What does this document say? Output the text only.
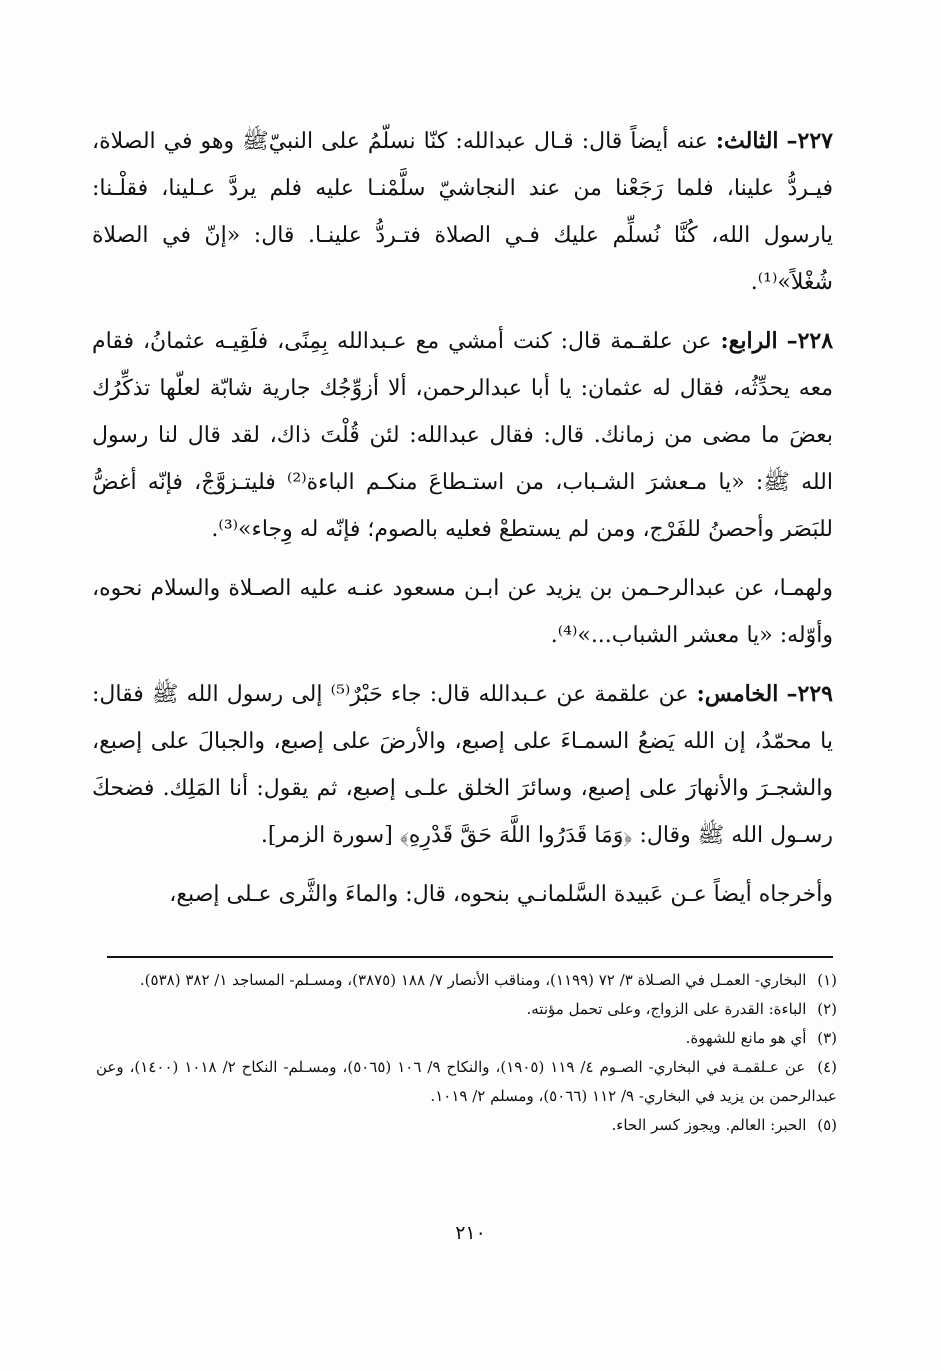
٢٢٧– الثالث: عنه أيضاً قال: قـال عبدالله: كنّا نسلّمُ على النبيّﷺ وهو في الصلاة، فيـردُّ علينا، فلما رَجَعْنا من عند النجاشيّ سلَّمْنـا عليه فلم يردَّ عـلينا، فقلْـنا: يارسول الله، كُنَّا نُسلِّم عليك فـي الصلاة فتـردُّ علينـا. قال: «إنّ في الصلاة شُغْلاً»⁽¹⁾.

٢٢٨– الرابع: عن علقـمة قال: كنت أمشي مع عـبدالله بِمِنًى، فلَقِيـه عثمانُ، فقام معه يحدِّثُه، فقال له عثمان: يا أبا عبدالرحمن، ألا أزوِّجُك جارية شابّة لعلّها تذكِّرُك بعضَ ما مضى من زمانك. قال: فقال عبدالله: لئن قُلْتَ ذاك، لقد قال لنا رسول الله ﷺ: «يا مـعشرَ الشـباب، من استـطاعَ منكـم الباءة⁽²⁾ فليتـزوَّجْ، فإنّه أغضُّ للبَصَر وأحصنُ للفَرْج، ومن لم يستطعْ فعليه بالصوم؛ فإنّه له وِجاء»⁽³⁾.

ولهمـا، عن عبدالرحـمن بن يزيد عن ابـن مسعود عنـه عليه الصـلاة والسلام نحوه، وأوّله: «يا معشر الشباب...»⁽⁴⁾.

٢٢٩– الخامس: عن علقمة عن عـبدالله قال: جاء حَبْرٌ⁽⁵⁾ إلى رسول الله ﷺ فقال: يا محمّدُ، إن الله يَضعُ السمـاءَ على إصبع، والأرضَ على إصبع، والجبالَ على إصبع، والشجـرَ والأنهارَ على إصبع، وسائرَ الخلق علـى إصبع، ثم يقول: أنا المَلِك. فضحكَ رسـول الله ﷺ وقال: ﴿وَمَا قَدَرُوا اللَّهَ حَقَّ قَدْرِهِ﴾ [سورة الزمر].

وأخرجاه أيضاً عـن عَبيدة السَّلمانـي بنحوه، قال: والماءَ والثَّرى عـلى إصبع،

(١) البخاري- العمـل في الصـلاة ٣/ ٧٢ (١١٩٩)، ومناقب الأنصار ٧/ ١٨٨ (٣٨٧٥)، ومسـلم- المساجد ١/ ٣٨٢ (٥٣٨).

(٢) الباءة: القدرة على الزواج، وعلى تحمل مؤنته.

(٣) أي هو مانع للشهوة.

(٤) عن عـلقمـة في البخاري- الصـوم ٤/ ١١٩ (١٩٠٥)، والنكاح ٩/ ١٠٦ (٥٠٦٥)، ومسـلم- النكاح ٢/ ١٠١٨ (١٤٠٠)، وعن عبدالرحمن بن يزيد في البخاري- ٩/ ١١٢ (٥٠٦٦)، ومسلم ٢/ ١٠١٩.

(٥) الحبر: العالم. ويجوز كسر الحاء.

٢١٠
